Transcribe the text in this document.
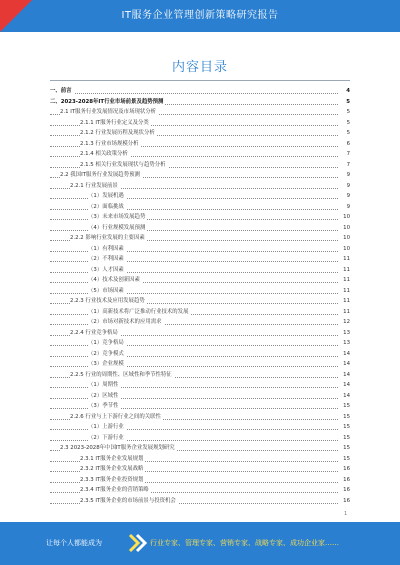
IT服务企业管理创新策略研究报告
内容目录
一、前言	4
二、2023-2028年IT行业市场前景及趋势预测	5
2.1 IT服务行业发展情况及市场现状分析	5
2.1.1 IT服务行业定义及分类	5
2.1.2 行业发展历程及现状分析	5
2.1.3 行业市场规模分析	6
2.1.4 相关政策分析	7
2.1.5 相关行业发展现状与趋势分析	7
2.2 我国IT服务行业发展趋势预测	9
2.2.1 行业发展前景	9
（1）发展机遇	9
（2）面临挑战	9
（3）未来市场发展趋势	10
（4）行业规模发展预测	10
2.2.2 影响行业发展的主要因素	10
（1）有利因素	10
（2）不利因素	11
（3）人才因素	11
（4）技术及创新因素	11
（5）市场因素	11
2.2.3 行业技术及应用发展趋势	11
（1）高新技术将广泛推动行业技术的发展	11
（2）市场对新技术的应用需求	12
2.2.4 行业竞争格局	13
（1）竞争格局	13
（2）竞争模式	14
（3）企业规模	14
2.2.5 行业的周期性、区域性和季节性特征	14
（1）周期性	14
（2）区域性	14
（3）季节性	15
2.2.6 行业与上下游行业之间的关联性	15
（1）上游行业	15
（2）下游行业	15
2.3 2023-2028年中国IT服务企业发展规划研究	15
2.3.1 IT服务企业发展规划	15
2.3.2 IT服务企业发展战略	16
2.3.3 IT服务企业投资规划	16
2.3.4 IT服务企业的营销策略	16
2.3.5 IT服务企业的市场前景与投资机会	16
1
让每个人都能成为	行业专家、管理专家、营销专家、战略专家、成功企业家……
